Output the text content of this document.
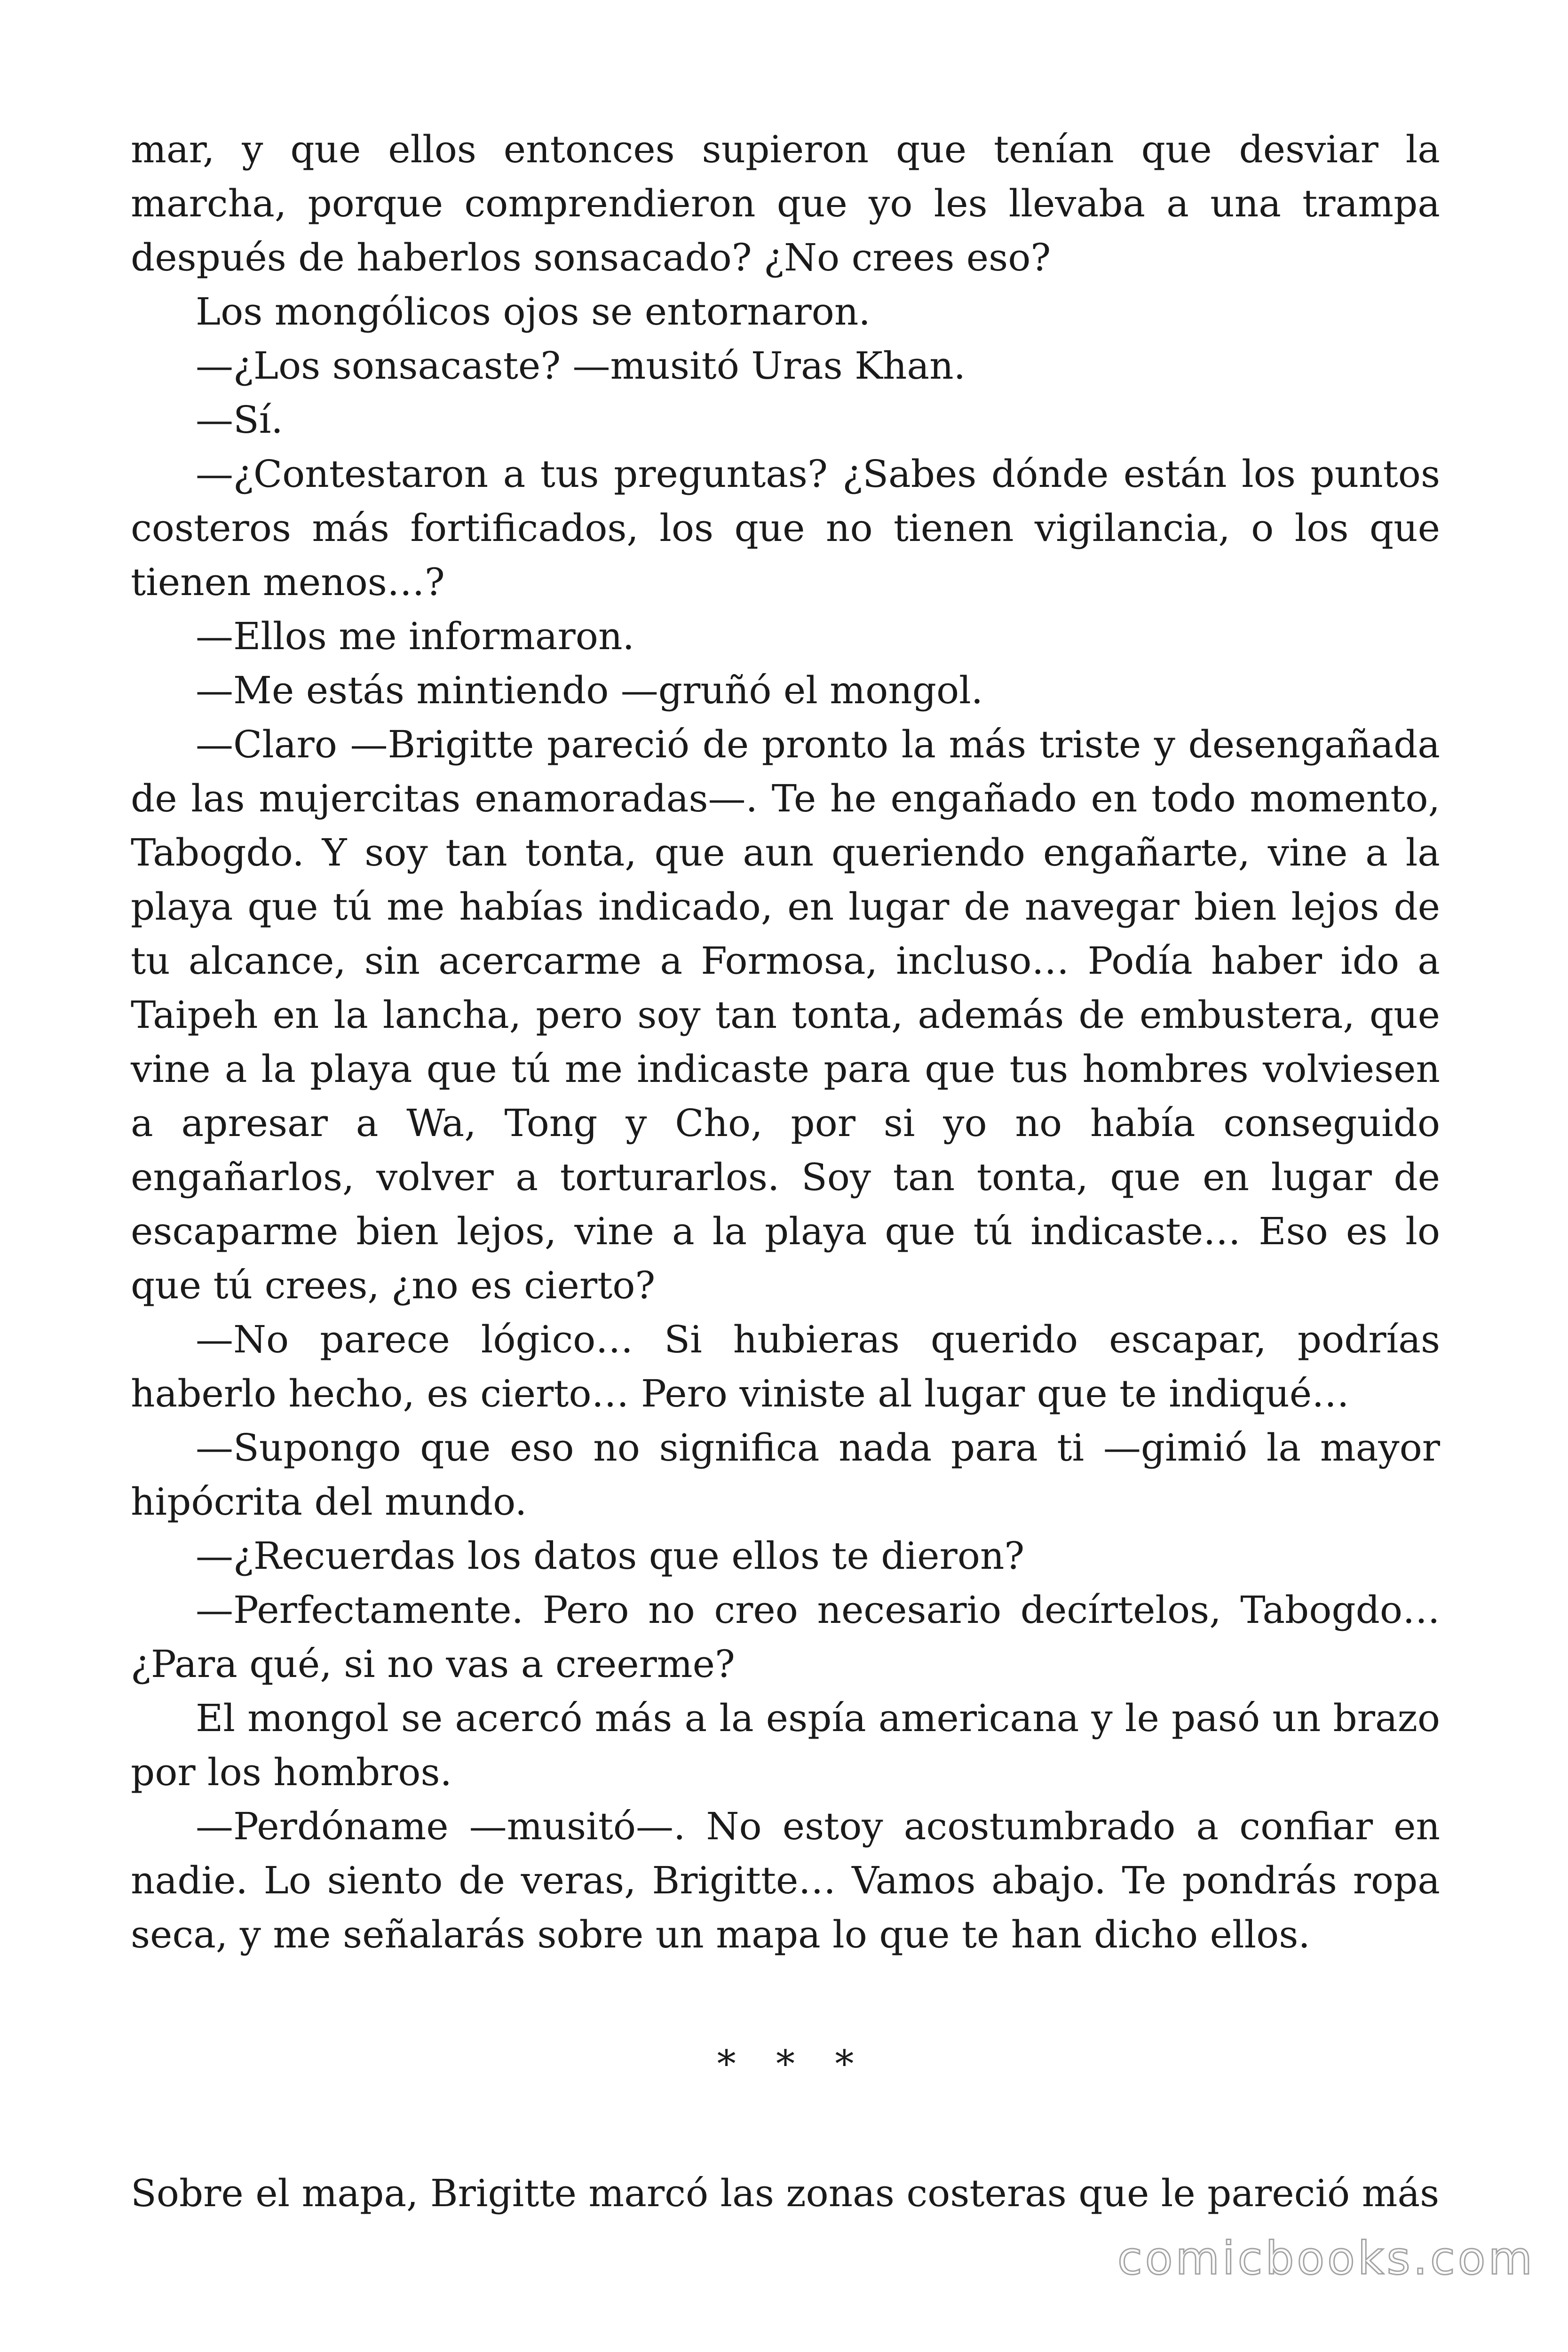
mar, y que ellos entonces supieron que tenían que desviar la marcha, porque comprendieron que yo les llevaba a una trampa después de haberlos sonsacado? ¿No crees eso?

Los mongólicos ojos se entornaron.

—¿Los sonsacaste? —musitó Uras Khan.

—Sí.

—¿Contestaron a tus preguntas? ¿Sabes dónde están los puntos costeros más fortificados, los que no tienen vigilancia, o los que tienen menos…?

—Ellos me informaron.

—Me estás mintiendo —gruñó el mongol.

—Claro —Brigitte pareció de pronto la más triste y desengañada de las mujercitas enamoradas—. Te he engañado en todo momento, Tabogdo. Y soy tan tonta, que aun queriendo engañarte, vine a la playa que tú me habías indicado, en lugar de navegar bien lejos de tu alcance, sin acercarme a Formosa, incluso… Podía haber ido a Taipeh en la lancha, pero soy tan tonta, además de embustera, que vine a la playa que tú me indicaste para que tus hombres volviesen a apresar a Wa, Tong y Cho, por si yo no había conseguido engañarlos, volver a torturarlos. Soy tan tonta, que en lugar de escaparme bien lejos, vine a la playa que tú indicaste… Eso es lo que tú crees, ¿no es cierto?

—No parece lógico… Si hubieras querido escapar, podrías haberlo hecho, es cierto… Pero viniste al lugar que te indiqué…

—Supongo que eso no significa nada para ti —gimió la mayor hipócrita del mundo.

—¿Recuerdas los datos que ellos te dieron?

—Perfectamente. Pero no creo necesario decírtelos, Tabogdo… ¿Para qué, si no vas a creerme?

El mongol se acercó más a la espía americana y le pasó un brazo por los hombros.

—Perdóname —musitó—. No estoy acostumbrado a confiar en nadie. Lo siento de veras, Brigitte… Vamos abajo. Te pondrás ropa seca, y me señalarás sobre un mapa lo que te han dicho ellos.

* * *

Sobre el mapa, Brigitte marcó las zonas costeras que le pareció más

comicbooks.com
